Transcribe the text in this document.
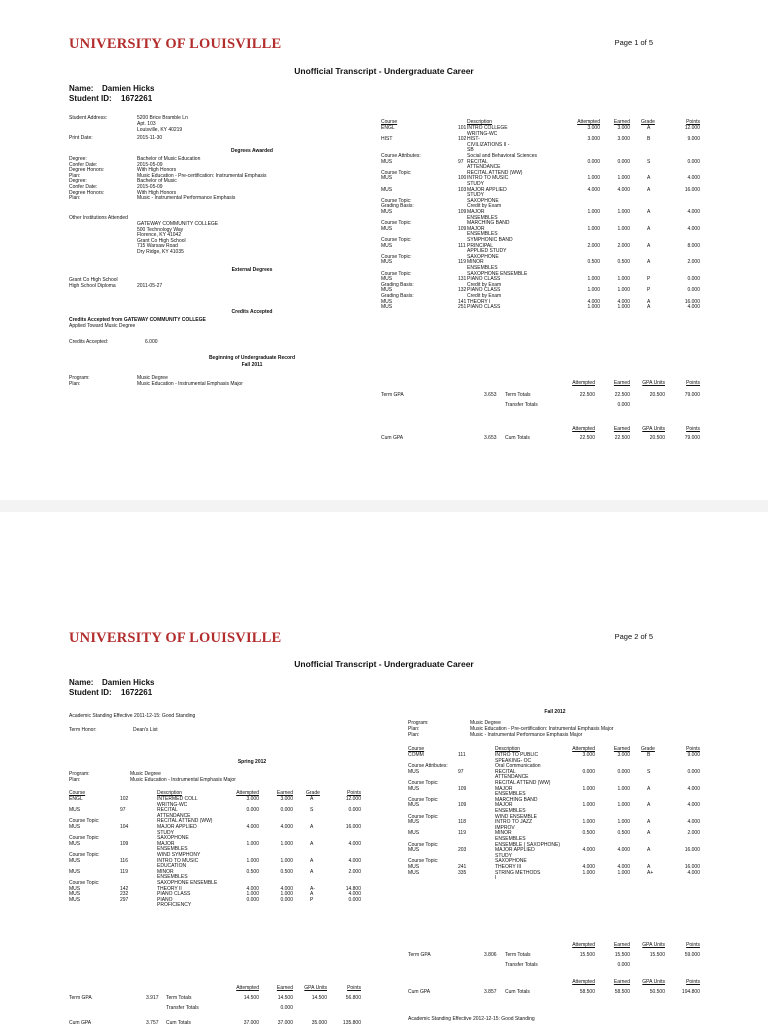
UNIVERSITY OF LOUISVILLE	Page 1 of 5
Unofficial Transcript - Undergraduate Career
Name: Damien Hicks
Student ID: 1672261
Student Address:	5200 Brice Bramble Ln
Apt. 103
Louisville, KY 40219
Print Date:	2015-11-30
Degrees Awarded
Degree:	Bachelor of Music Education
Confer Date:	2015-05-09
Degree Honors:	With High Honors
Plan:	Music Education - Pre-certification: Instrumental Emphasis
Degree:	Bachelor of Music
Confer Date:	2015-05-09
Degree Honors:	With High Honors
Plan:	Music - Instrumental Performance Emphasis
Other Institutions Attended
GATEWAY COMMUNITY COLLEGE
500 Technology Way
Florence, KY 41042
Grant Co High School
715 Warsaw Road
Dry Ridge, KY 41035
External Degrees
Grant Co High School
High School Diploma	2011-05-27
Credits Accepted
Credits Accepted from GATEWAY COMMUNITY COLLEGE
Applied Toward Music Degree
Credits Accepted:	6.000
Beginning of Undergraduate Record
Fall 2011
Program:	Music Degree
Plan:	Music Education - Instrumental Emphasis Major
Course	Description	Attempted	Earned Grade	Points
ENGL	101 INTRO COLLEGE
WRITNG-WC
3.000	3.000	A	12.000
HIST	102 HIST-
CIVILIZATIONS II -
SB
3.000	3.000	B	9.000
Course Attributes:	Social and Behavioral Sciences
MUS	97 RECITAL
ATTENDANCE
0.000	0.000	S	0.000
Course Topic:	RECITAL ATTEND (WW)
MUS	100 INTRO TO MUSIC
STUDY
1.000	1.000	A	4.000
MUS	103 MAJOR APPLIED
STUDY
4.000	4.000	A	16.000
Course Topic:	SAXOPHONE
Grading Basis:	Credit by Exam
MUS	109 MAJOR
ENSEMBLES
1.000	1.000	A	4.000
Course Topic:	MARCHING BAND
MUS	109 MAJOR
ENSEMBLES
1.000	1.000	A	4.000
Course Topic:	SYMPHONIC BAND
MUS	111 PRINCIPAL
APPLIED STUDY
2.000	2.000	A	8.000
Course Topic:	SAXOPHONE
MUS	119 MINOR
ENSEMBLES
0.500	0.500	A	2.000
Course Topic:	SAXOPHONE ENSEMBLE
MUS	131 PIANO CLASS	1.000	1.000	P	0.000
Grading Basis:	Credit by Exam
MUS	132 PIANO CLASS	1.000	1.000	P	0.000
Grading Basis:	Credit by Exam
MUS	141 THEORY I	4.000	4.000	A	16.000
MUS	251 PIANO CLASS	1.000	1.000	A	4.000
Attempted	Earned	GPA Units	Points
Term GPA	3.653 Term Totals	22.500	22.500	20.500	79.000
Transfer Totals	0.000
Attempted	Earned	GPA Units	Points
Cum GPA	3.653 Cum Totals	22.500	22.500	20.500	79.000
UNIVERSITY OF LOUISVILLE	Page 2 of 5
Unofficial Transcript - Undergraduate Career
Name: Damien Hicks
Student ID: 1672261
Academic Standing Effective 2011-12-15: Good Standing
Term Honor:	Dean's List
Spring 2012
Program:	Music Degree
Plan:	Music Education - Instrumental Emphasis Major
Course	Description	Attempted	Earned	Grade	Points
ENGL	102	INTERMED COLL
WRITNG-WC
3.000	3.000	A	12.000
MUS	97	RECITAL
ATTENDANCE
0.000	0.000	S	0.000
Course Topic:	RECITAL ATTEND (WW)
MUS	104	MAJOR APPLIED
STUDY
4.000	4.000	A	16.000
Course Topic:	SAXOPHONE
MUS	109	MAJOR
ENSEMBLES
1.000	1.000	A	4.000
Course Topic:	WIND SYMPHONY
MUS	116	INTRO TO MUSIC
EDUCATION
1.000	1.000	A	4.000
MUS	119	MINOR
ENSEMBLES
0.500	0.500	A	2.000
Course Topic:	SAXOPHONE ENSEMBLE
MUS	142	THEORY II	4.000	4.000	A-	14.800
MUS	232	PIANO CLASS	1.000	1.000	A	4.000
MUS	297	PIANO
PROFICIENCY
0.000	0.000	P	0.000
Attempted	Earned	GPA Units	Points
Term GPA	3.917 Term Totals	14.500	14.500	14.500	56.800
Transfer Totals	0.000
Cum GPA	3.757 Cum Totals	37.000	37.000	35.000	135.800
Fall 2012
Program:	Music Degree
Plan:	Music Education - Pre-certification: Instrumental Emphasis Major
Plan:	Music - Instrumental Performance Emphasis Major
Course	Description	Attempted	Earned Grade	Points
COMM	111	INTRO TO PUBLIC
SPEAKING- OC
3.000	3.000	B	9.000
Course Attributes:	Oral Communication
MUS	97	RECITAL
ATTENDANCE
0.000	0.000	S	0.000
Course Topic:	RECITAL ATTEND (WW)
MUS	109	MAJOR
ENSEMBLES
1.000	1.000	A	4.000
Course Topic:	MARCHING BAND
MUS	109	MAJOR
ENSEMBLES
1.000	1.000	A	4.000
Course Topic:	WIND ENSEMBLE
MUS	118	INTRO TO JAZZ
IMPROV
1.000	1.000	A	4.000
MUS	119	MINOR
ENSEMBLES
0.500	0.500	A	2.000
Course Topic:	ENSEMBLE ( SAXOPHONE)
MUS	203	MAJOR APPLIED
STUDY
4.000	4.000	A	16.000
Course Topic:	SAXOPHONE
MUS	241	THEORY III	4.000	4.000	A	16.000
MUS	335	STRING METHODS
I
1.000	1.000	A+	4.000
Attempted	Earned	GPA Units	Points
Term GPA	3.806 Term Totals	15.500	15.500	15.500	59.000
Transfer Totals	0.000
Attempted	Earned	GPA Units	Points
Cum GPA	3.857 Cum Totals	58.500	58.500	50.500	194.800
Academic Standing Effective 2012-12-15: Good Standing
